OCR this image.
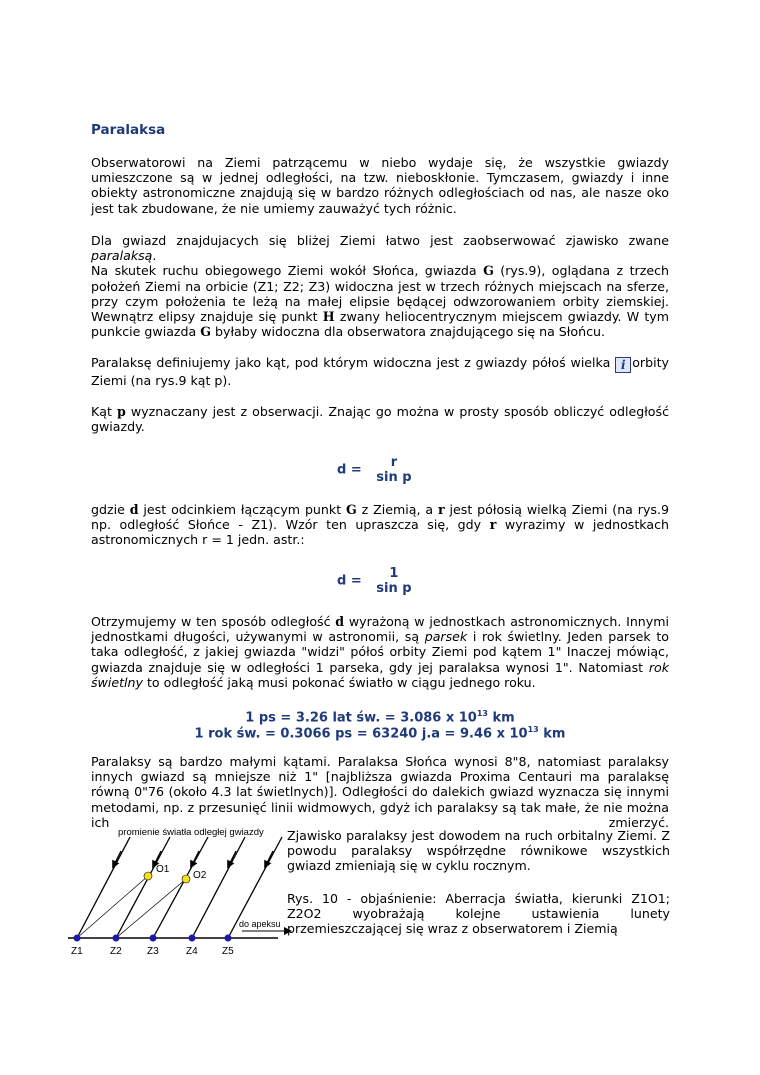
Paralaksa
Obserwatorowi na Ziemi patrzącemu w niebo wydaje się, że wszystkie gwiazdy umieszczone są w jednej odległości, na tzw. nieboskłonie. Tymczasem, gwiazdy i inne obiekty astronomiczne znajdują się w bardzo różnych odległościach od nas, ale nasze oko jest tak zbudowane, że nie umiemy zauważyć tych różnic.
Dla gwiazd znajdujacych się bliżej Ziemi łatwo jest zaobserwować zjawisko zwane paralaksą.
Na skutek ruchu obiegowego Ziemi wokół Słońca, gwiazda G (rys.9), oglądana z trzech położeń Ziemi na orbicie (Z1; Z2; Z3) widoczna jest w trzech różnych miejscach na sferze, przy czym położenia te leżą na małej elipsie będącej odwzorowaniem orbity ziemskiej. Wewnątrz elipsy znajduje się punkt H zwany heliocentrycznym miejscem gwiazdy. W tym punkcie gwiazda G byłaby widoczna dla obserwatora znajdującego się na Słońcu.
Paralaksę definiujemy jako kąt, pod którym widoczna jest z gwiazdy półoś wielka i orbity Ziemi (na rys.9 kąt p).
Kąt p wyznaczany jest z obserwacji. Znając go można w prosty sposób obliczyć odległość gwiazdy.
d =	r
sin p
gdzie d jest odcinkiem łączącym punkt G z Ziemią, a r jest półosią wielką Ziemi (na rys.9 np. odległość Słońce - Z1). Wzór ten upraszcza się, gdy r wyrazimy w jednostkach astronomicznych r = 1 jedn. astr.:
d =	1
sin p
Otrzymujemy w ten sposób odległość d wyrażoną w jednostkach astronomicznych. Innymi jednostkami długości, używanymi w astronomii, są parsek i rok świetlny. Jeden parsek to taka odległość, z jakiej gwiazda "widzi" półoś orbity Ziemi pod kątem 1" Inaczej mówiąc, gwiazda znajduje się w odległości 1 parseka, gdy jej paralaksa wynosi 1". Natomiast rok świetlny to odległość jaką musi pokonać światło w ciągu jednego roku.
1 ps = 3.26 lat św. = 3.086 x $10^{13}$ km
1 rok św. = 0.3066 ps = 63240 j.a = 9.46 x $10^{13}$ km
Paralaksy są bardzo małymi kątami. Paralaksa Słońca wynosi 8"8, natomiast paralaksy innych gwiazd są mniejsze niż 1" [najbliższa gwiazda Proxima Centauri ma paralaksę równą 0"76 (około 4.3 lat świetlnych)]. Odległości do dalekich gwiazd wyznacza się innymi metodami, np. z przesunięć linii widmowych, gdyż ich paralaksy są tak małe, że nie można ich zmierzyć.
Zjawisko paralaksy jest dowodem na ruch orbitalny Ziemi. Z powodu paralaksy współrzędne równikowe wszystkich gwiazd zmieniają się w cyklu rocznym.
Rys. 10 - objaśnienie: Aberracja światła, kierunki Z1O1; Z2O2 wyobrażają kolejne ustawienia lunety przemieszczającej się wraz z obserwatorem i Ziemią
promienie światła odległej gwiazdy
do apeksu
O1
O2
Z1	Z2	Z3	Z4 Z5
